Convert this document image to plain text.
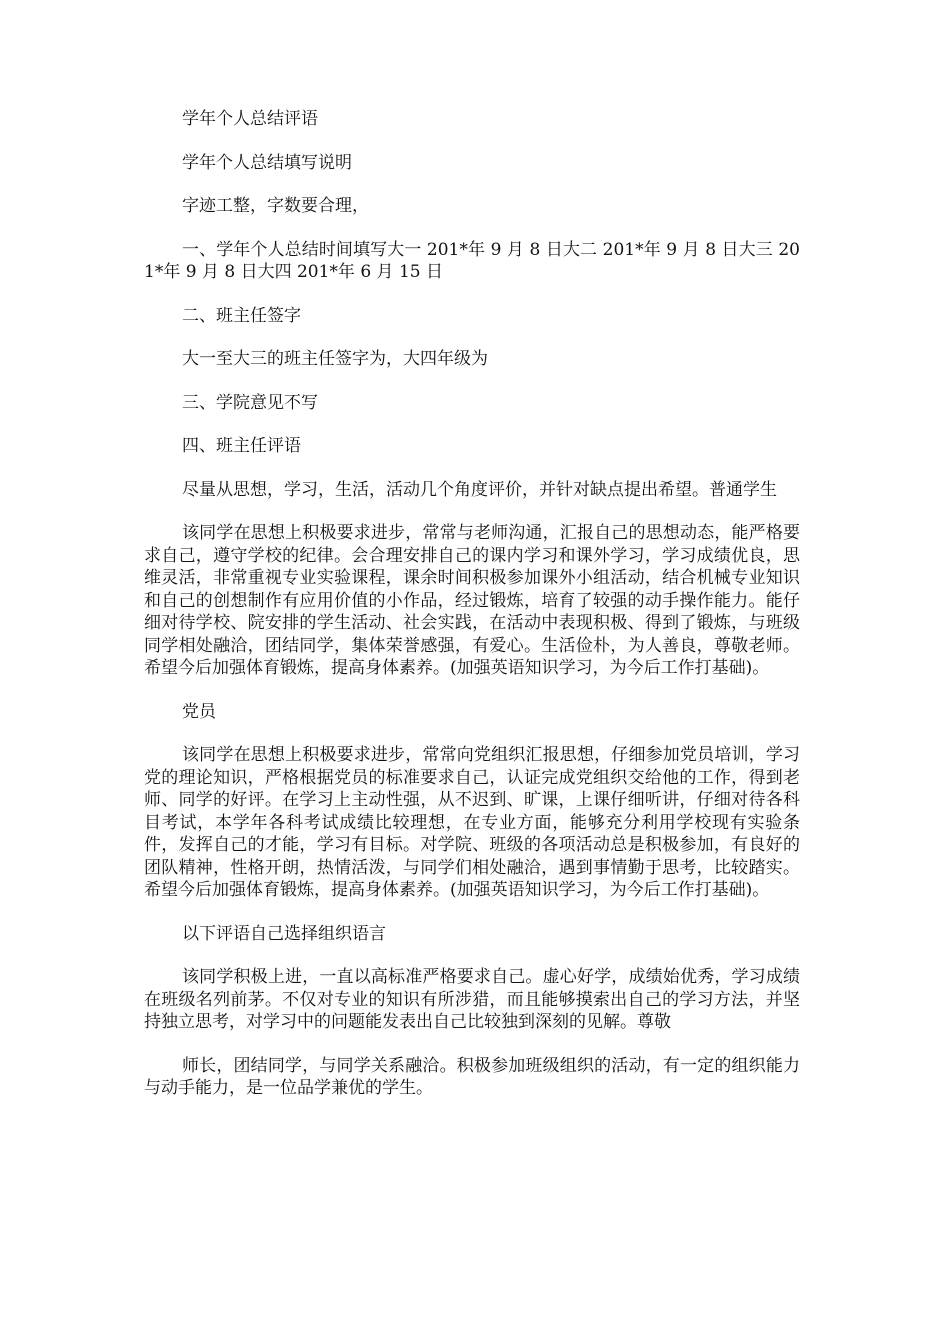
学年个人总结评语

学年个人总结填写说明

字迹工整，字数要合理，

一、学年个人总结时间填写大一 201*年 9 月 8 日大二 201*年 9 月 8 日大三 201*年 9 月 8 日大四 201*年 6 月 15 日

二、班主任签字

大一至大三的班主任签字为，大四年级为

三、学院意见不写

四、班主任评语

尽量从思想，学习，生活，活动几个角度评价，并针对缺点提出希望。普通学生

该同学在思想上积极要求进步，常常与老师沟通，汇报自己的思想动态，能严格要求自己，遵守学校的纪律。会合理安排自己的课内学习和课外学习，学习成绩优良，思维灵活，非常重视专业实验课程，课余时间积极参加课外小组活动，结合机械专业知识和自己的创想制作有应用价值的小作品，经过锻炼，培育了较强的动手操作能力。能仔细对待学校、院安排的学生活动、社会实践，在活动中表现积极、得到了锻炼，与班级同学相处融洽，团结同学，集体荣誉感强，有爱心。生活俭朴，为人善良，尊敬老师。希望今后加强体育锻炼，提高身体素养。(加强英语知识学习，为今后工作打基础)。

党员

该同学在思想上积极要求进步，常常向党组织汇报思想，仔细参加党员培训，学习党的理论知识，严格根据党员的标准要求自己，认证完成党组织交给他的工作，得到老师、同学的好评。在学习上主动性强，从不迟到、旷课，上课仔细听讲，仔细对待各科目考试，本学年各科考试成绩比较理想，在专业方面，能够充分利用学校现有实验条件，发挥自己的才能，学习有目标。对学院、班级的各项活动总是积极参加，有良好的团队精神，性格开朗，热情活泼，与同学们相处融洽，遇到事情勤于思考，比较踏实。希望今后加强体育锻炼，提高身体素养。(加强英语知识学习，为今后工作打基础)。

以下评语自己选择组织语言

该同学积极上进，一直以高标准严格要求自己。虚心好学，成绩始优秀，学习成绩在班级名列前茅。不仅对专业的知识有所涉猎，而且能够摸索出自己的学习方法，并坚持独立思考，对学习中的问题能发表出自己比较独到深刻的见解。尊敬

师长，团结同学，与同学关系融洽。积极参加班级组织的活动，有一定的组织能力与动手能力，是一位品学兼优的学生。
